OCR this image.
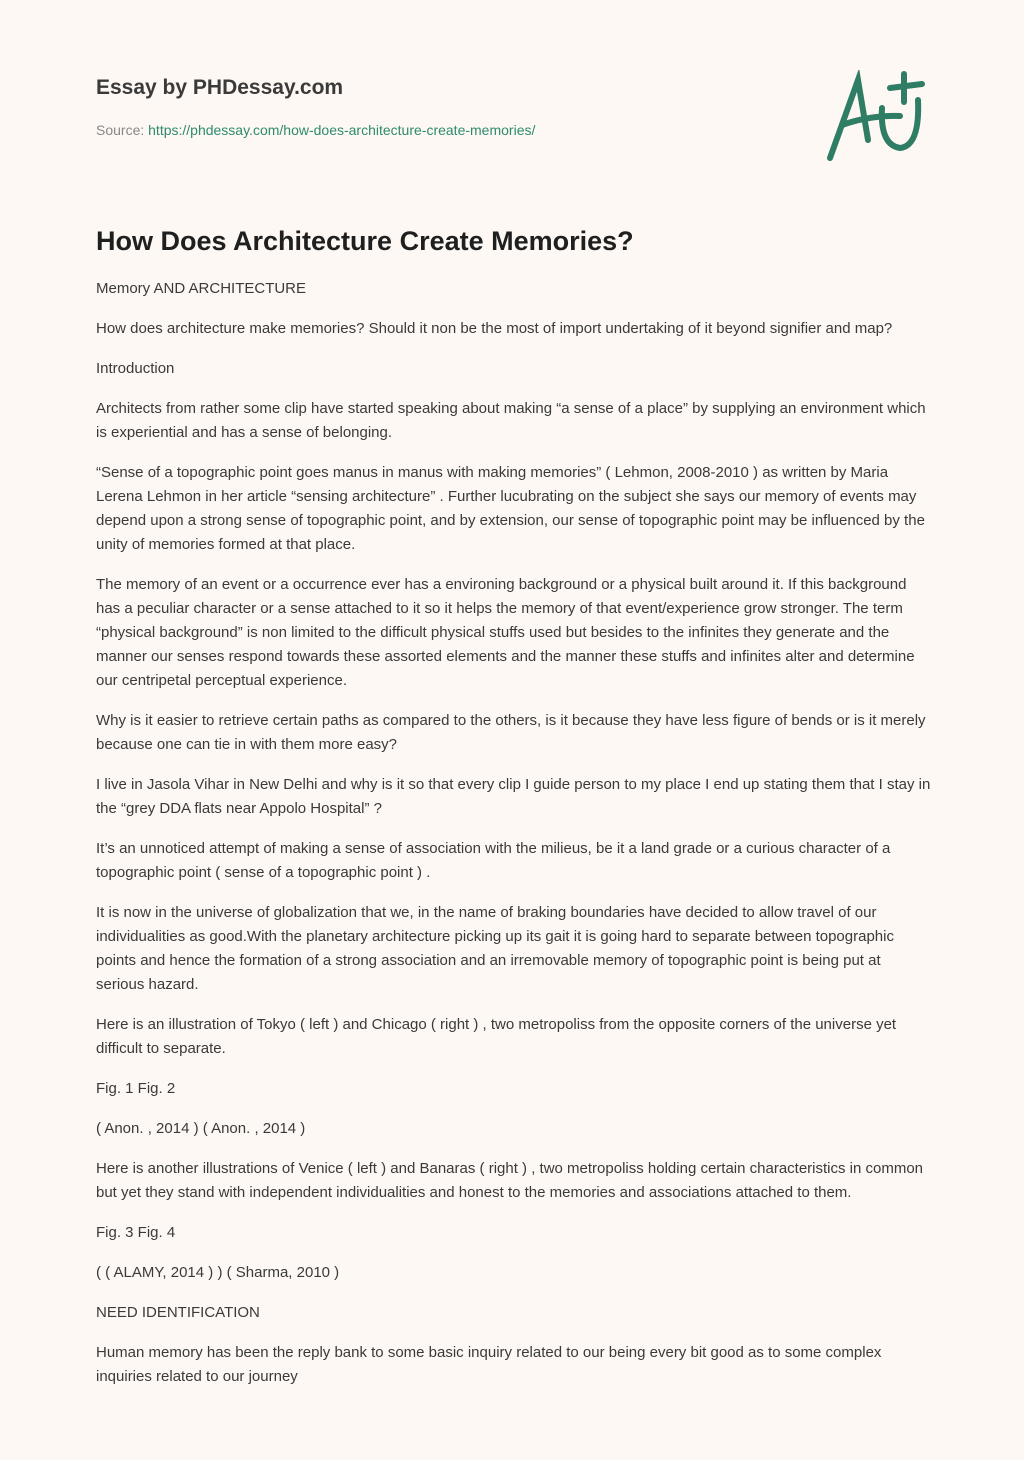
Essay by PHDessay.com

Source: https://phdessay.com/how-does-architecture-create-memories/
How Does Architecture Create Memories?

Memory AND ARCHITECTURE

How does architecture make memories? Should it non be the most of import undertaking of it beyond signifier and map?

Introduction

Architects from rather some clip have started speaking about making “a sense of a place” by supplying an environment which is experiential and has a sense of belonging.

“Sense of a topographic point goes manus in manus with making memories” ( Lehmon, 2008-2010 ) as written by Maria Lerena Lehmon in her article “sensing architecture” . Further lucubrating on the subject she says our memory of events may depend upon a strong sense of topographic point, and by extension, our sense of topographic point may be influenced by the unity of memories formed at that place.

The memory of an event or a occurrence ever has a environing background or a physical built around it. If this background has a peculiar character or a sense attached to it so it helps the memory of that event/experience grow stronger. The term “physical background” is non limited to the difficult physical stuffs used but besides to the infinites they generate and the manner our senses respond towards these assorted elements and the manner these stuffs and infinites alter and determine our centripetal perceptual experience.

Why is it easier to retrieve certain paths as compared to the others, is it because they have less figure of bends or is it merely because one can tie in with them more easy?

I live in Jasola Vihar in New Delhi and why is it so that every clip I guide person to my place I end up stating them that I stay in the “grey DDA flats near Appolo Hospital” ?

It’s an unnoticed attempt of making a sense of association with the milieus, be it a land grade or a curious character of a topographic point ( sense of a topographic point ) .

It is now in the universe of globalization that we, in the name of braking boundaries have decided to allow travel of our individualities as good.With the planetary architecture picking up its gait it is going hard to separate between topographic points and hence the formation of a strong association and an irremovable memory of topographic point is being put at serious hazard.

Here is an illustration of Tokyo ( left ) and Chicago ( right ) , two metropoliss from the opposite corners of the universe yet difficult to separate.

Fig. 1 Fig. 2

( Anon. , 2014 ) ( Anon. , 2014 )

Here is another illustrations of Venice ( left ) and Banaras ( right ) , two metropoliss holding certain characteristics in common but yet they stand with independent individualities and honest to the memories and associations attached to them.

Fig. 3 Fig. 4

( ( ALAMY, 2014 ) ) ( Sharma, 2010 )

NEED IDENTIFICATION

Human memory has been the reply bank to some basic inquiry related to our being every bit good as to some complex inquiries related to our journey
